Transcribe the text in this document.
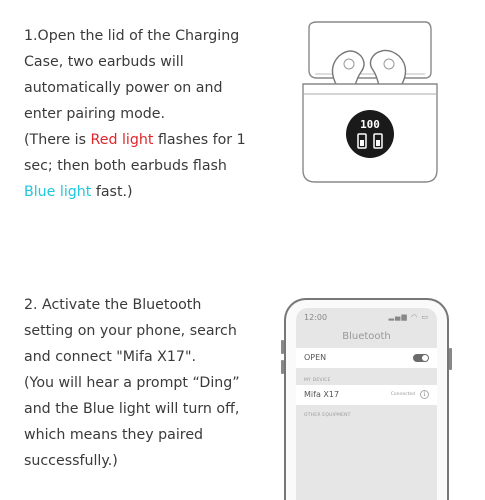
1.Open the lid of the Charging Case, two earbuds will automatically power on and enter pairing mode.

(There is Red light flashes for 1 sec; then both earbuds flash Blue light fast.)

100

2. Activate the Bluetooth setting on your phone, search and connect "Mifa X17".

(You will hear a prompt “Ding” and the Blue light will turn off, which means they paired successfully.)

12:00	▂▄▆ ◠ ▭
Bluetooth
OPEN
MY DEVICE
Mifa X17	Connected	i
OTHER EQUIPMENT
